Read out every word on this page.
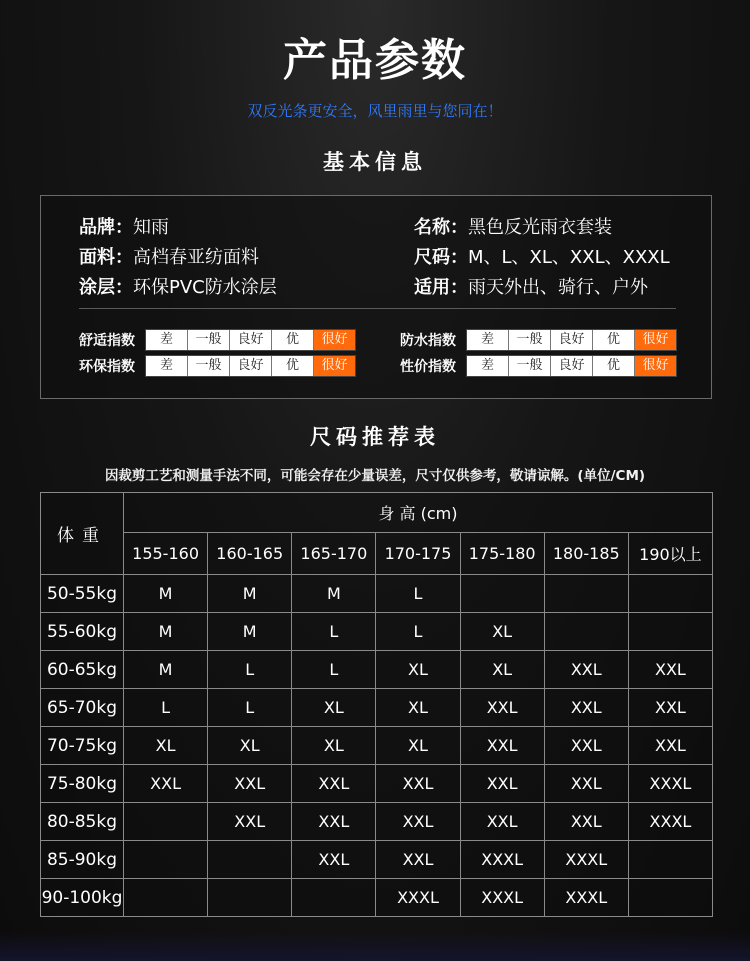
产品参数
双反光条更安全，风里雨里与您同在！
基本信息
品牌：知雨
面料：高档春亚纺面料
涂层：环保PVC防水涂层
名称：黑色反光雨衣套装
尺码：M、L、XL、XXL、XXXL
适用：雨天外出、骑行、户外
舒适指数	差	一般	良好	优	很好
环保指数	差	一般	良好	优	很好
防水指数	差	一般	良好	优	很好
性价指数	差	一般	良好	优	很好
尺码推荐表
因裁剪工艺和测量手法不同，可能会存在少量误差，尺寸仅供参考，敬请谅解。(单位/CM)
体重	身 高 (cm)						
	155-160	160-165	165-170	170-175	175-180	180-185	190以上
50-55kg	M	M	M	L			
55-60kg	M	M	L	L	XL		
60-65kg	M	L	L	XL	XL	XXL	XXL
65-70kg	L	L	XL	XL	XXL	XXL	XXL
70-75kg	XL	XL	XL	XL	XXL	XXL	XXL
75-80kg	XXL	XXL	XXL	XXL	XXL	XXL	XXXL
80-85kg		XXL	XXL	XXL	XXL	XXL	XXXL
85-90kg			XXL	XXL	XXXL	XXXL	
90-100kg				XXXL	XXXL	XXXL	
